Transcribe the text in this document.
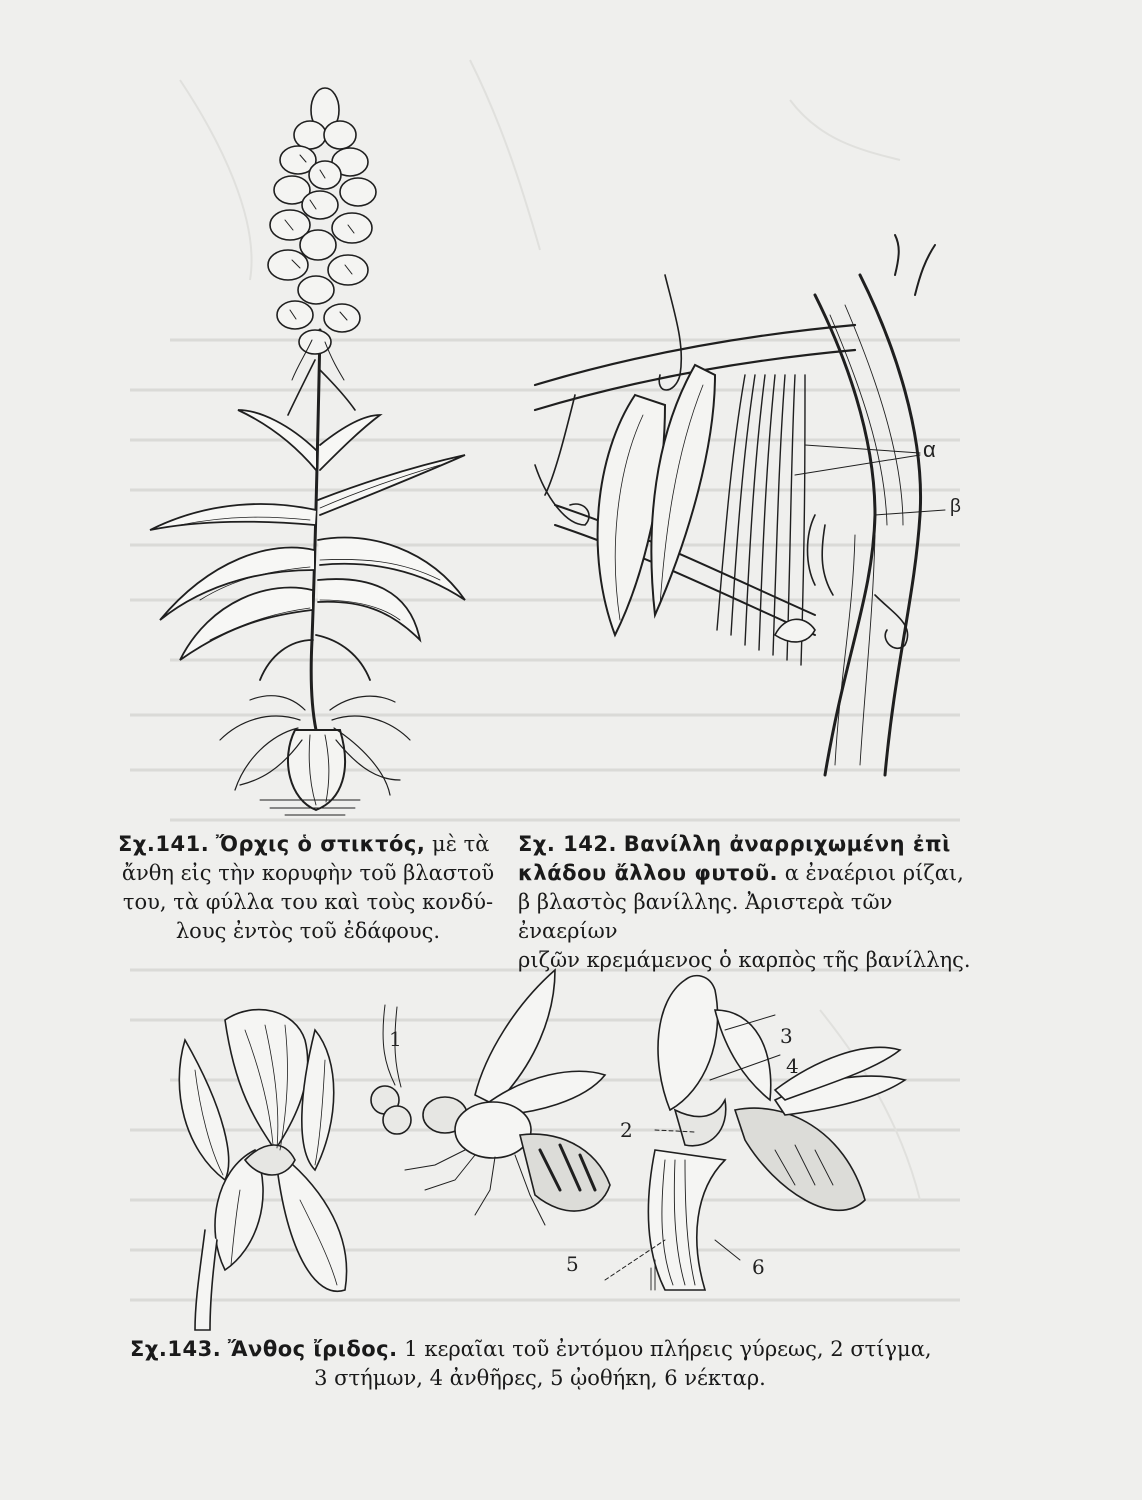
α
β
Σχ.141. Ὄρχις ὁ στικτός, μὲ τὰ
ἄνθη εἰς τὴν κορυφὴν τοῦ βλαστοῦ
του, τὰ φύλλα του καὶ τοὺς κονδύ-
λους ἐντὸς τοῦ ἐδάφους.
Σχ. 142. Βανίλλη ἀναρριχωμένη ἐπὶ
κλάδου ἄλλου φυτοῦ. α ἐναέριοι ρίζαι,
β βλαστὸς βανίλλης. Ἀριστερὰ τῶν ἐναερίων
ριζῶν κρεμάμενος ὁ καρπὸς τῆς βανίλλης.
1	3
4
2
5	6
Σχ.143. Ἄνθος ἴριδος. 1 κεραῖαι τοῦ ἐντόμου πλήρεις γύρεως, 2 στίγμα,
3 στήμων, 4 ἀνθῆρες, 5 ᾠοθήκη, 6 νέκταρ.
